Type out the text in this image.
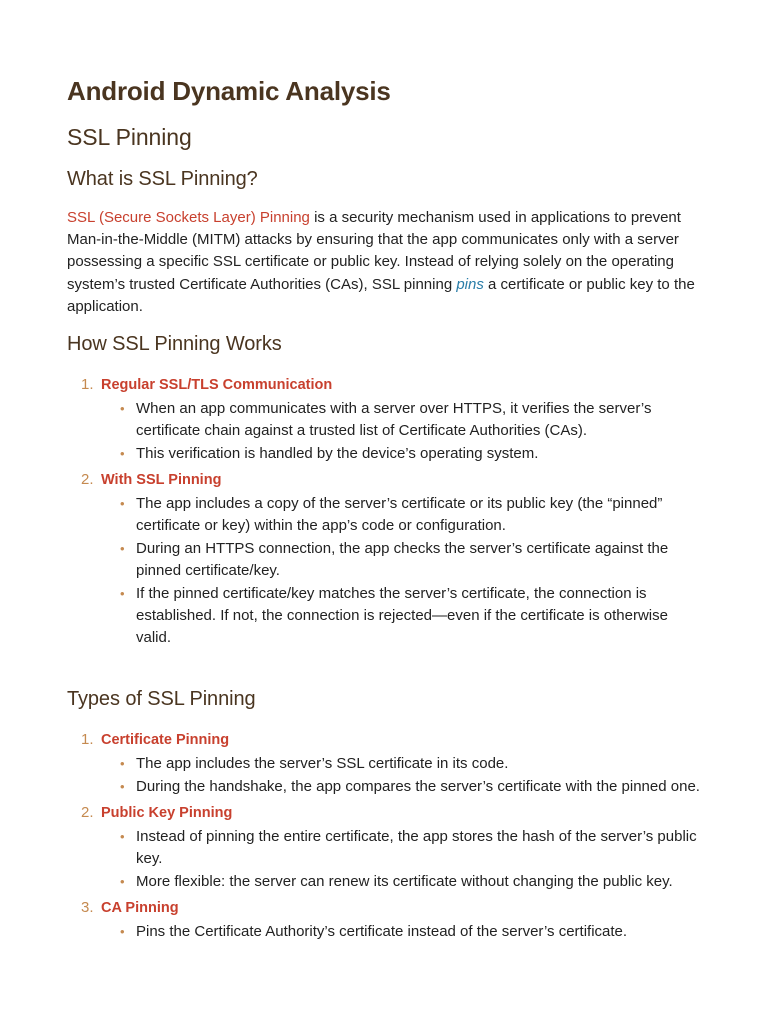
Android Dynamic Analysis
SSL Pinning
What is SSL Pinning?

SSL (Secure Sockets Layer) Pinning is a security mechanism used in applications to prevent Man-in-the-Middle (MITM) attacks by ensuring that the app communicates only with a server possessing a specific SSL certificate or public key. Instead of relying solely on the operating system’s trusted Certificate Authorities (CAs), SSL pinning pins a certificate or public key to the application.

How SSL Pinning Works
1. Regular SSL/TLS Communication
• When an app communicates with a server over HTTPS, it verifies the server’s certificate chain against a trusted list of Certificate Authorities (CAs).
• This verification is handled by the device’s operating system.
2. With SSL Pinning
• The app includes a copy of the server’s certificate or its public key (the “pinned” certificate or key) within the app’s code or configuration.
• During an HTTPS connection, the app checks the server’s certificate against the pinned certificate/key.
• If the pinned certificate/key matches the server’s certificate, the connection is established. If not, the connection is rejected—even if the certificate is otherwise valid.
Types of SSL Pinning
1. Certificate Pinning
• The app includes the server’s SSL certificate in its code.
• During the handshake, the app compares the server’s certificate with the pinned one.
2. Public Key Pinning
• Instead of pinning the entire certificate, the app stores the hash of the server’s public key.
• More flexible: the server can renew its certificate without changing the public key.
3. CA Pinning
• Pins the Certificate Authority’s certificate instead of the server’s certificate.
